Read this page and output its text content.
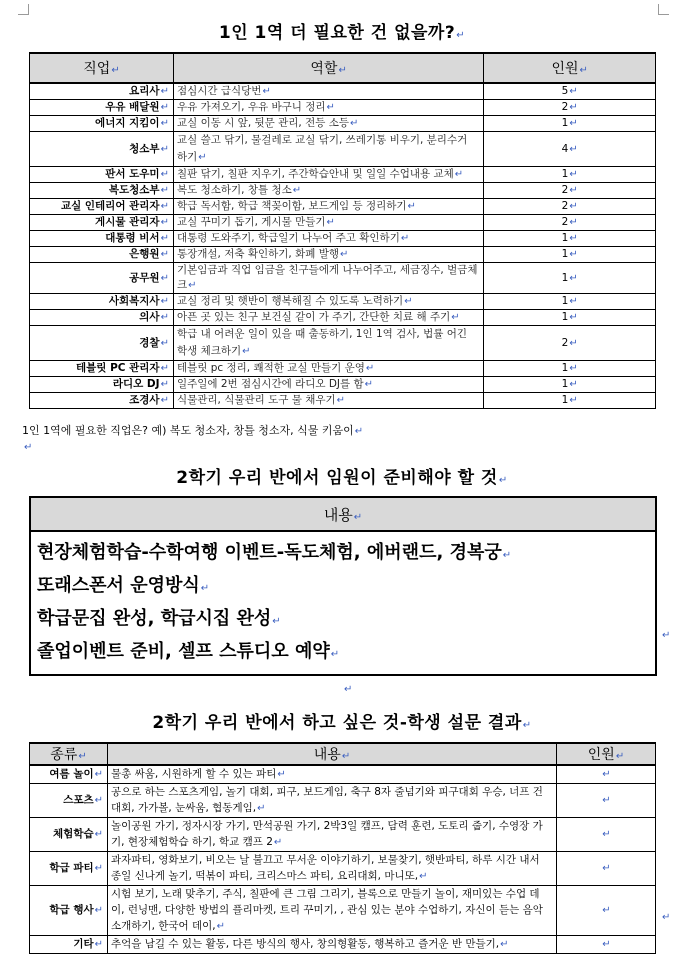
1인 1역 더 필요한 건 없을까? ↵
직업 ↵	역할 ↵	인원 ↵
요리사 ↵	점심시간 급식당번 ↵	5 ↵
우유 배달원 ↵	우유 가져오기, 우유 바구니 정리 ↵	2 ↵
에너지 지킴이 ↵	교실 이동 시 앞, 뒷문 관리, 전등 소등 ↵	1 ↵
청소부 ↵	교실 쓸고 닦기, 물걸레로 교실 닦기, 쓰레기통 비우기, 분리수거 하기 ↵	4 ↵
판서 도우미 ↵	칠판 닦기, 칠판 지우기, 주간학습안내 및 일일 수업내용 교체 ↵	1 ↵
복도청소부 ↵	복도 청소하기, 창틀 청소 ↵	2 ↵
교실 인테리어 관리자 ↵	학급 독서함, 학급 책꽂이함, 보드게임 등 정리하기 ↵	2 ↵
게시물 관리자 ↵	교실 꾸미기 돕기, 게시물 만들기 ↵	2 ↵
대통령 비서 ↵	대통령 도와주기, 학급일기 나누어 주고 확인하기 ↵	1 ↵
은행원 ↵	통장개설, 저축 확인하기, 화폐 발행 ↵	1 ↵
공무원 ↵	기본임금과 직업 임금을 친구들에게 나누어주고, 세금징수, 벌금체크 ↵	1 ↵
사회복지사 ↵	교실 정리 및 햇반이 행복해질 수 있도록 노력하기 ↵	1 ↵
의사 ↵	아픈 곳 있는 친구 보건실 같이 가 주기, 간단한 치료 해 주기 ↵	1 ↵
경찰 ↵	학급 내 어려운 일이 있을 때 출동하기, 1인 1역 검사, 법률 어긴 학생 체크하기 ↵	2 ↵
테블릿 PC 관리자 ↵	테블릿 pc 정리, 쾌적한 교실 만들기 운영 ↵	1 ↵
라디오 DJ ↵	일주일에 2번 점심시간에 라디오 DJ를 함 ↵	1 ↵
조경사 ↵	식물관리, 식물관리 도구 물 채우기 ↵	1 ↵
1인 1역에 필요한 직업은? 예) 복도 청소자, 창틀 청소자, 식물 키움이 ↵
↵
2학기 우리 반에서 임원이 준비해야 할 것 ↵
내용 ↵

현장체험학습-수학여행 이벤트-독도체험, 에버랜드, 경복궁 ↵
또래스폰서 운영방식 ↵
학급문집 완성, 학급시집 완성 ↵
졸업이벤트 준비, 셀프 스튜디오 예약 ↵
↵
↵
2학기 우리 반에서 하고 싶은 것-학생 설문 결과 ↵
종류 ↵	내용 ↵	인원 ↵
여름 놀이 ↵	물총 싸움, 시원하게 할 수 있는 파티 ↵	↵
스포츠 ↵	공으로 하는 스포츠게임, 놀기 대회, 피구, 보드게임, 축구 8자 줄넘기와 피구대회 우승, 너프 건 대회, 가가볼, 눈싸움, 협동게임, ↵	↵
체험학습 ↵	놀이공원 가기, 정자시장 가기, 만석공원 가기, 2박3일 캠프, 담력 훈련, 도토리 줍기, 수영장 가기, 현장체험학습 하기, 학교 캠프 2 ↵	↵
학급 파티 ↵	과자파티, 영화보기, 비오는 날 불끄고 무서운 이야기하기, 보물찾기, 햇반파티, 하루 시간 내서 종일 신나게 놀기, 떡볶이 파티, 크리스마스 파티, 요리대회, 마니또, ↵	↵
학급 행사 ↵	시험 보기, 노래 맞추기, 주식, 칠판에 큰 그림 그리기, 블록으로 만들기 놀이, 재미있는 수업 데이, 런닝맨, 다양한 방법의 플리마켓, 트리 꾸미기, , 관심 있는 분야 수업하기, 자신이 듣는 음악 소개하기, 한국어 데이, ↵	↵
기타 ↵	추억을 남길 수 있는 활동, 다른 방식의 행사, 창의형활동, 행복하고 즐거운 반 만들기, ↵	↵
↵
